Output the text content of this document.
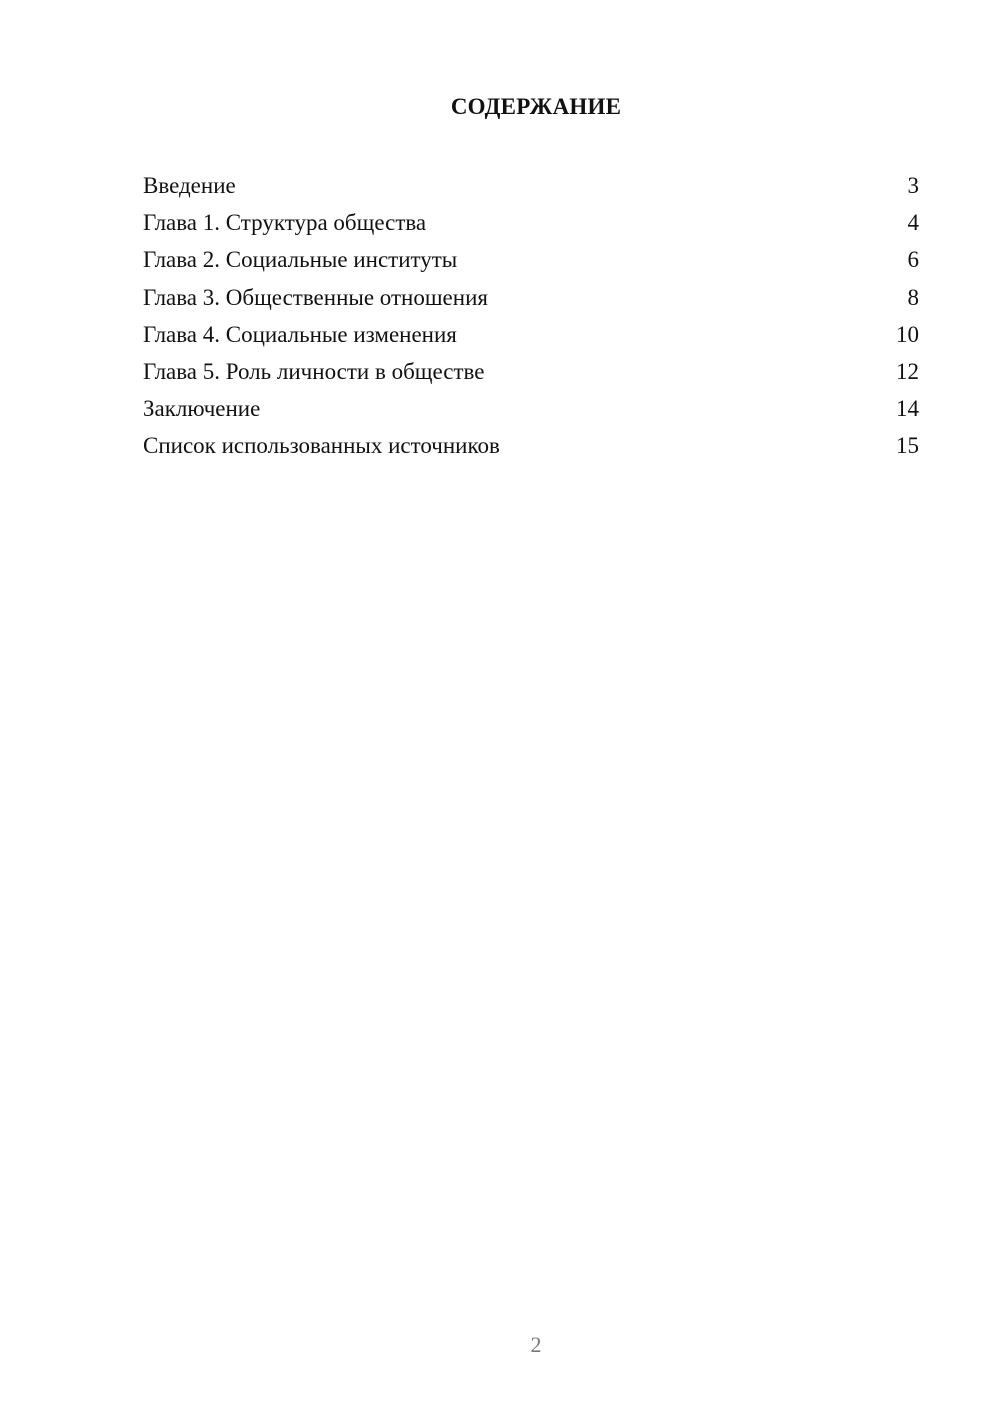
СОДЕРЖАНИЕ
Введение	3
Глава 1. Структура общества	4
Глава 2. Социальные институты	6
Глава 3. Общественные отношения	8
Глава 4. Социальные изменения	10
Глава 5. Роль личности в обществе	12
Заключение	14
Список использованных источников	15
2
